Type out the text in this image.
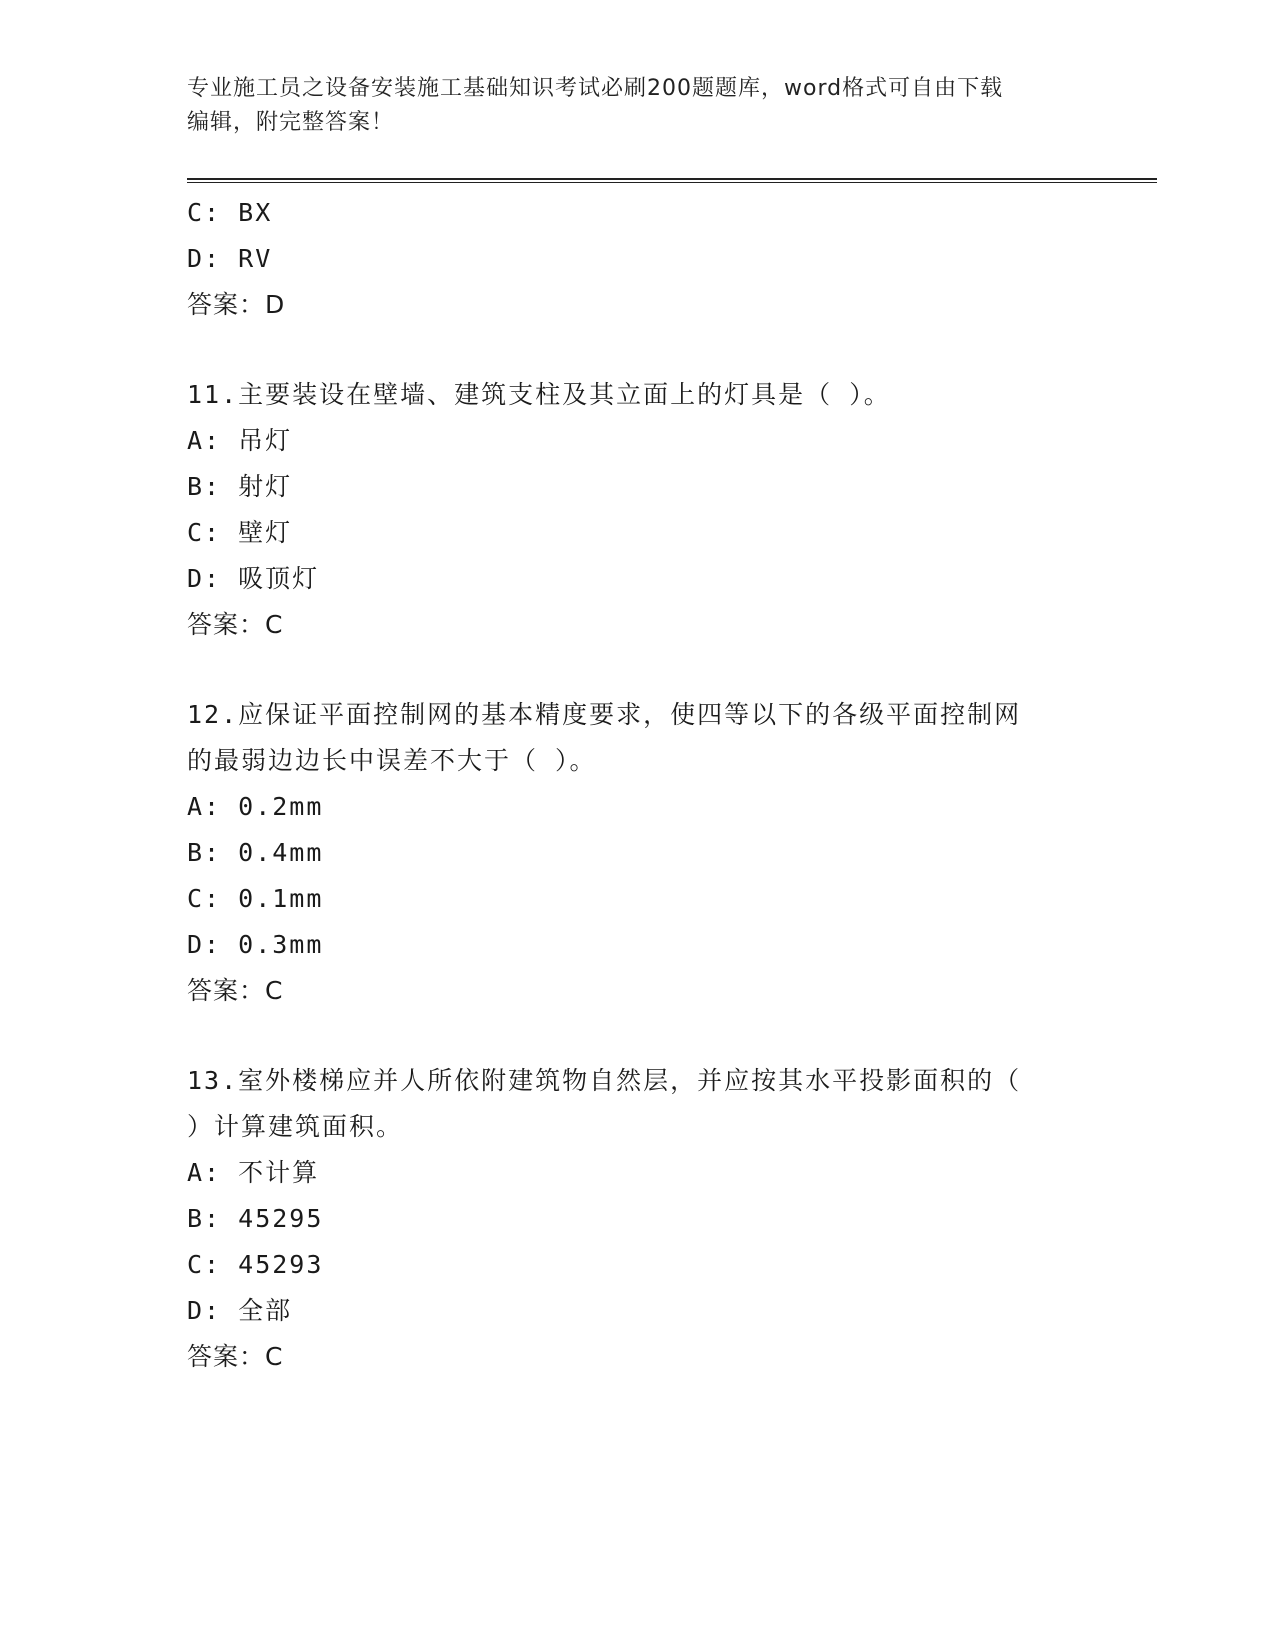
专业施工员之设备安装施工基础知识考试必刷200题题库，word格式可自由下载
编辑，附完整答案！
C: BX
D: RV
答案：D
11.主要装设在壁墙、建筑支柱及其立面上的灯具是（ ）。
A: 吊灯
B: 射灯
C: 壁灯
D: 吸顶灯
答案：C
12.应保证平面控制网的基本精度要求，使四等以下的各级平面控制网
的最弱边边长中误差不大于（ ）。
A: 0.2mm
B: 0.4mm
C: 0.1mm
D: 0.3mm
答案：C
13.室外楼梯应并人所依附建筑物自然层，并应按其水平投影面积的（
）计算建筑面积。
A: 不计算
B: 45295
C: 45293
D: 全部
答案：C
